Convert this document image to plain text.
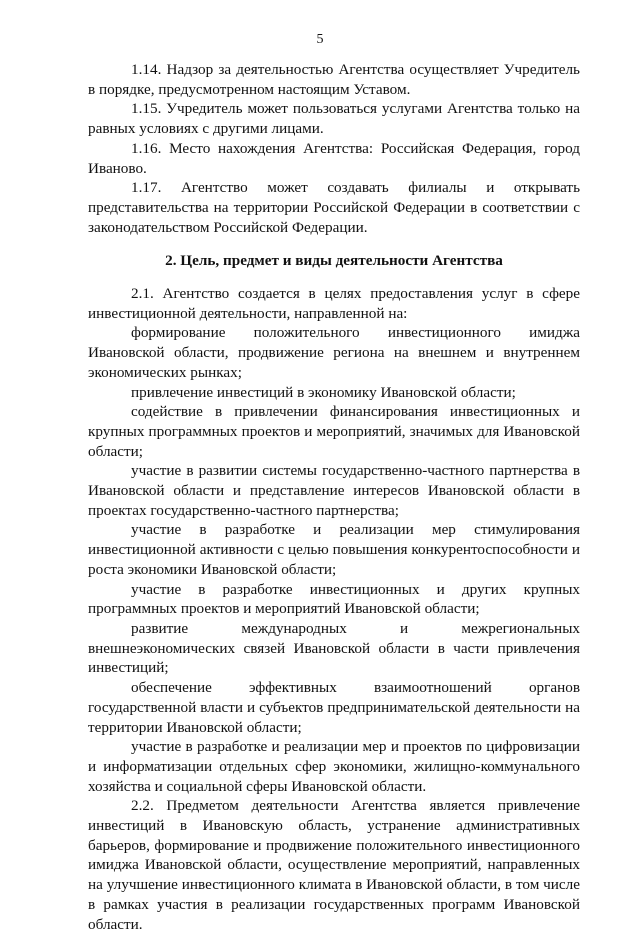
5

1.14. Надзор за деятельностью Агентства осуществляет Учредитель в порядке, предусмотренном настоящим Уставом.

1.15. Учредитель может пользоваться услугами Агентства только на равных условиях с другими лицами.

1.16. Место нахождения Агентства: Российская Федерация, город Иваново.

1.17. Агентство может создавать филиалы и открывать представительства на территории Российской Федерации в соответствии с законодательством Российской Федерации.

2. Цель, предмет и виды деятельности Агентства

2.1. Агентство создается в целях предоставления услуг в сфере инвестиционной деятельности, направленной на:

формирование положительного инвестиционного имиджа Ивановской области, продвижение региона на внешнем и внутреннем экономических рынках;

привлечение инвестиций в экономику Ивановской области;

содействие в привлечении финансирования инвестиционных и крупных программных проектов и мероприятий, значимых для Ивановской области;

участие в развитии системы государственно-частного партнерства в Ивановской области и представление интересов Ивановской области в проектах государственно-частного партнерства;

участие в разработке и реализации мер стимулирования инвестиционной активности с целью повышения конкурентоспособности и роста экономики Ивановской области;

участие в разработке инвестиционных и других крупных программных проектов и мероприятий Ивановской области;

развитие международных и межрегиональных внешнеэкономических связей Ивановской области в части привлечения инвестиций;

обеспечение эффективных взаимоотношений органов государственной власти и субъектов предпринимательской деятельности на территории Ивановской области;

участие в разработке и реализации мер и проектов по цифровизации и информатизации отдельных сфер экономики, жилищно-коммунального хозяйства и социальной сферы Ивановской области.

2.2. Предметом деятельности Агентства является привлечение инвестиций в Ивановскую область, устранение административных барьеров, формирование и продвижение положительного инвестиционного имиджа Ивановской области, осуществление мероприятий, направленных на улучшение инвестиционного климата в Ивановской области, в том числе в рамках участия в реализации государственных программ Ивановской области.
